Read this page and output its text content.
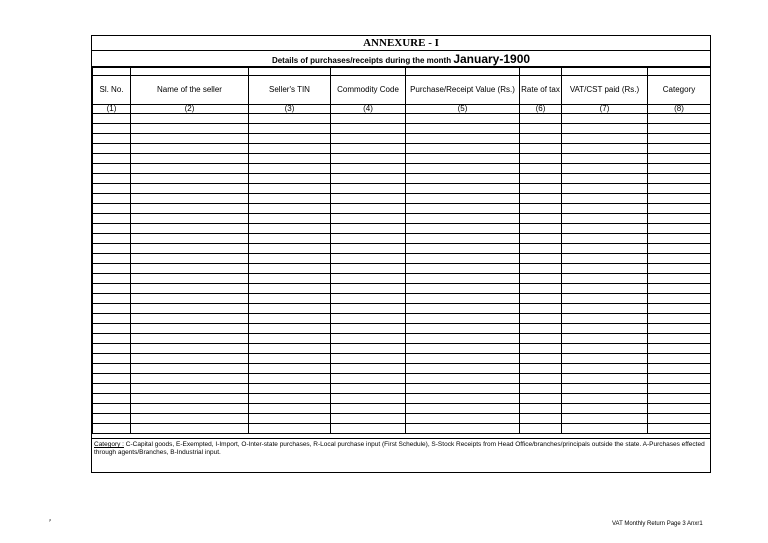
ANNEXURE - I
Details of purchases/receipts during the month January-1900

Sl. No.	Name of the seller	Seller's TIN	Commodity Code	Purchase/Receipt Value (Rs.)	Rate of tax	VAT/CST paid (Rs.)	Category
(1)	(2)	(3)	(4)	(5)	(6)	(7)	(8)

Category : C-Capital goods, E-Exempted, I-Import, O-Inter-state purchases, R-Local purchase input (First Schedule), S-Stock Receipts from Head Office/branches/principals outside the state. A-Purchases effected through agents/Branches, B-Industrial input.
⸗	VAT Monthly Return Page 3 Anxr1
